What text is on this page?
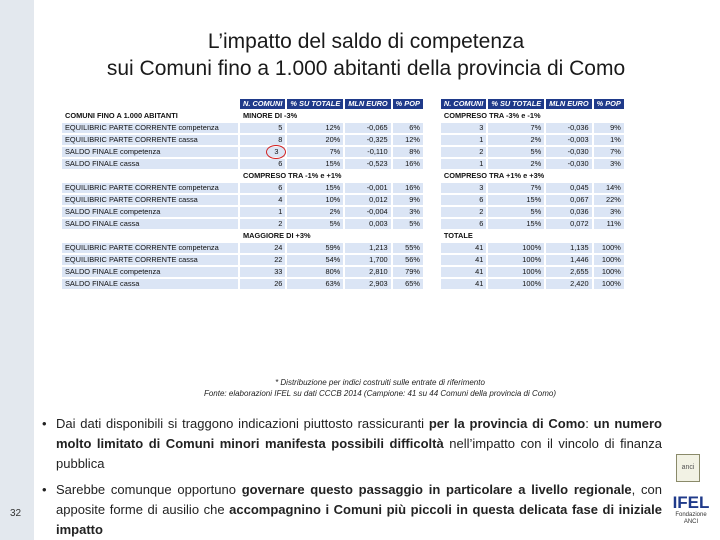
L’impatto del saldo di competenza
sui Comuni fino a 1.000 abitanti della provincia di Como
	N. COMUNI	% SU TOTALE	MLN EURO	% POP		N. COMUNI	% SU TOTALE	MLN EURO	% POP
COMUNI FINO A 1.000 ABITANTI	MINORE DI -3%					COMPRESO TRA -3% e -1%			
EQUILIBRIC PARTE CORRENTE competenza	5	12%	-0,065	6%		3	7%	-0,036	9%
EQUILIBRIC PARTE CORRENTE cassa	8	20%	-0,325	12%		1	2%	-0,003	1%
SALDO FINALE competenza	3	7%	-0,110	8%		2	5%	-0,030	7%
SALDO FINALE cassa	6	15%	-0,523	16%		1	2%	-0,030	3%
	COMPRESO TRA -1% e +1%					COMPRESO TRA +1% e +3%			
EQUILIBRIC PARTE CORRENTE competenza	6	15%	-0,001	16%		3	7%	0,045	14%
EQUILIBRIC PARTE CORRENTE cassa	4	10%	0,012	9%		6	15%	0,067	22%
SALDO FINALE competenza	1	2%	-0,004	3%		2	5%	0,036	3%
SALDO FINALE cassa	2	5%	0,003	5%		6	15%	0,072	11%
	MAGGIORE DI +3%					TOTALE			
EQUILIBRIC PARTE CORRENTE competenza	24	59%	1,213	55%		41	100%	1,135	100%
EQUILIBRIC PARTE CORRENTE cassa	22	54%	1,700	56%		41	100%	1,446	100%
SALDO FINALE competenza	33	80%	2,810	79%		41	100%	2,655	100%
SALDO FINALE cassa	26	63%	2,903	65%		41	100%	2,420	100%
* Distribuzione per indici costruiti sulle entrate di riferimento
Fonte: elaborazioni IFEL su dati CCCB 2014 (Campione: 41 su 44 Comuni della provincia di Como)
• Dai dati disponibili si traggono indicazioni piuttosto rassicuranti per la provincia di Como: un numero molto limitato di Comuni minori manifesta possibili difficoltà nell’impatto con il vincolo di finanza pubblica
• Sarebbe comunque opportuno governare questo passaggio in particolare a livello regionale, con apposite forme di ausilio che accompagnino i Comuni più piccoli in questa delicata fase di iniziale impatto
32
anci
IFEL
Fondazione ANCI
